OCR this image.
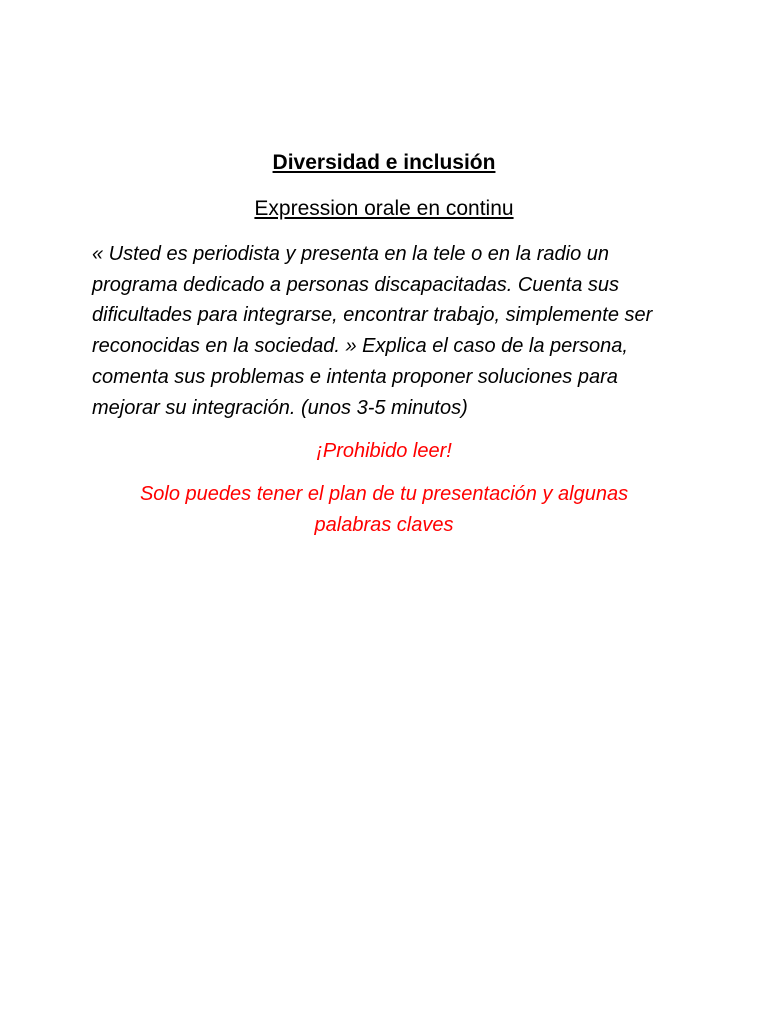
Diversidad e inclusión
Expression orale en continu

« Usted es periodista y presenta en la tele o en la radio un programa dedicado a personas discapacitadas. Cuenta sus dificultades para integrarse, encontrar trabajo, simplemente ser reconocidas en la sociedad. » Explica el caso de la persona, comenta sus problemas e intenta proponer soluciones para mejorar su integración. (unos 3-5 minutos)

¡Prohibido leer!

Solo puedes tener el plan de tu presentación y algunas palabras claves
